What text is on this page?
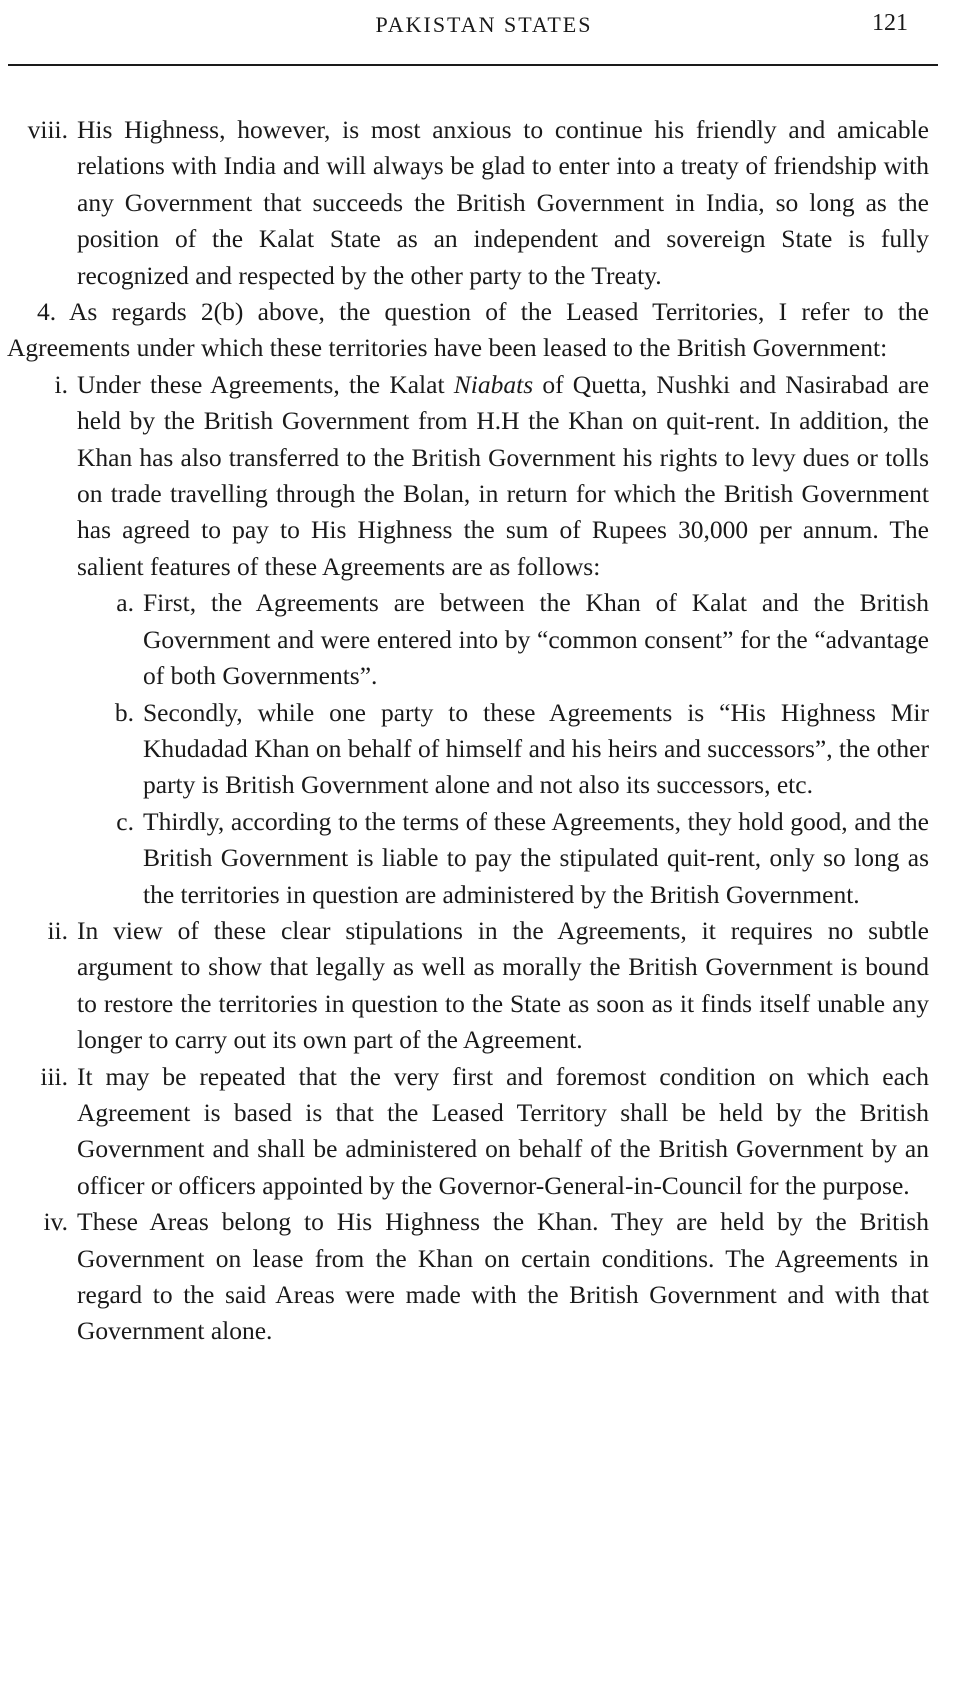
PAKISTAN STATES	121
viii. His Highness, however, is most anxious to continue his friendly and amicable relations with India and will always be glad to enter into a treaty of friendship with any Government that succeeds the British Government in India, so long as the position of the Kalat State as an independent and sovereign State is fully recognized and respected by the other party to the Treaty.
4. As regards 2(b) above, the question of the Leased Territories, I refer to the Agreements under which these territories have been leased to the British Government:
i. Under these Agreements, the Kalat Niabats of Quetta, Nushki and Nasirabad are held by the British Government from H.H the Khan on quit-rent. In addition, the Khan has also transferred to the British Government his rights to levy dues or tolls on trade travelling through the Bolan, in return for which the British Government has agreed to pay to His Highness the sum of Rupees 30,000 per annum. The salient features of these Agreements are as follows:
a. First, the Agreements are between the Khan of Kalat and the British Government and were entered into by “common consent” for the “advantage of both Governments”.
b. Secondly, while one party to these Agreements is “His Highness Mir Khudadad Khan on behalf of himself and his heirs and successors”, the other party is British Government alone and not also its successors, etc.
c. Thirdly, according to the terms of these Agreements, they hold good, and the British Government is liable to pay the stipulated quit-rent, only so long as the territories in question are administered by the British Government.
ii. In view of these clear stipulations in the Agreements, it requires no subtle argument to show that legally as well as morally the British Government is bound to restore the territories in question to the State as soon as it finds itself unable any longer to carry out its own part of the Agreement.
iii. It may be repeated that the very first and foremost condition on which each Agreement is based is that the Leased Territory shall be held by the British Government and shall be administered on behalf of the British Government by an officer or officers appointed by the Governor-General-in-Council for the purpose.
iv. These Areas belong to His Highness the Khan. They are held by the British Government on lease from the Khan on certain conditions. The Agreements in regard to the said Areas were made with the British Government and with that Government alone.
